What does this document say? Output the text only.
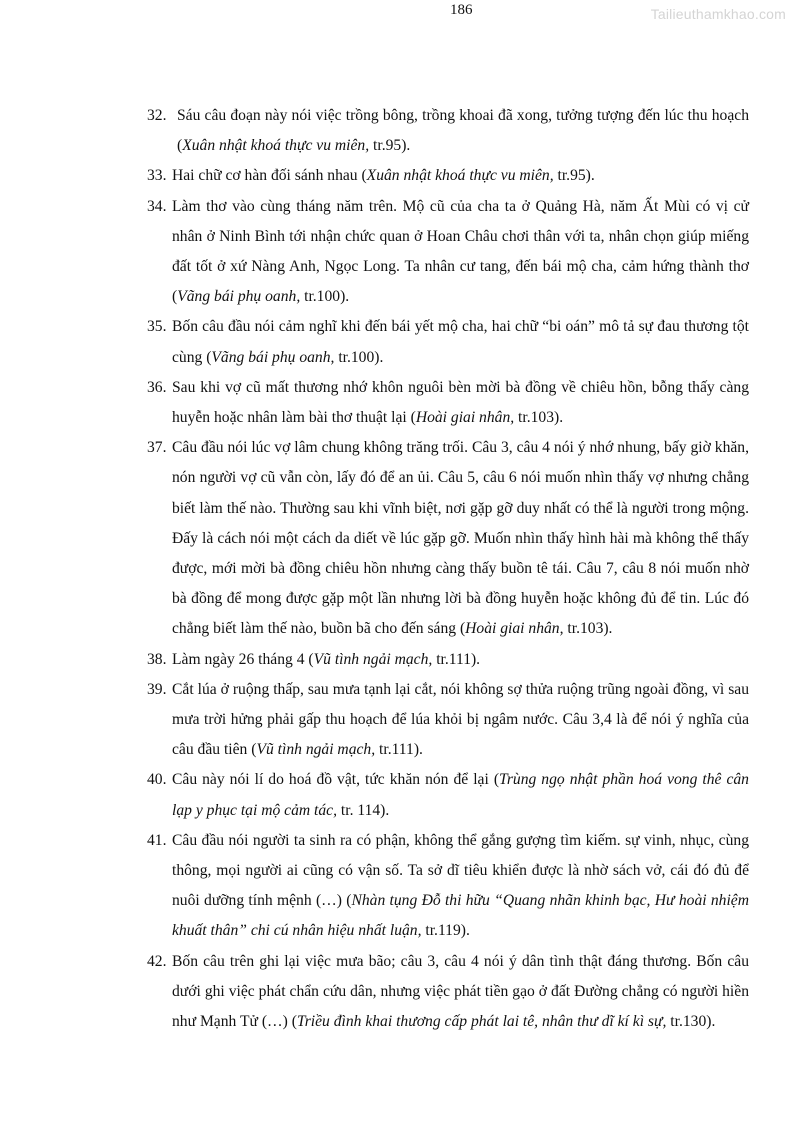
186	Tailieuthamkhao.com
32. Sáu câu đoạn này nói việc trồng bông, trồng khoai đã xong, tưởng tượng đến lúc thu hoạch (Xuân nhật khoá thực vu miên, tr.95).
33. Hai chữ cơ hàn đối sánh nhau (Xuân nhật khoá thực vu miên, tr.95).
34. Làm thơ vào cùng tháng năm trên. Mộ cũ của cha ta ở Quảng Hà, năm Ất Mùi có vị cử nhân ở Ninh Bình tới nhận chức quan ở Hoan Châu chơi thân với ta, nhân chọn giúp miếng đất tốt ở xứ Nàng Anh, Ngọc Long. Ta nhân cư tang, đến bái mộ cha, cảm hứng thành thơ (Vãng bái phụ oanh, tr.100).
35. Bốn câu đầu nói cảm nghĩ khi đến bái yết mộ cha, hai chữ “bi oán” mô tả sự đau thương tột cùng (Vãng bái phụ oanh, tr.100).
36. Sau khi vợ cũ mất thương nhớ khôn nguôi bèn mời bà đồng về chiêu hồn, bỗng thấy càng huyễn hoặc nhân làm bài thơ thuật lại (Hoài giai nhân, tr.103).
37. Câu đầu nói lúc vợ lâm chung không trăng trối. Câu 3, câu 4 nói ý nhớ nhung, bấy giờ khăn, nón người vợ cũ vẫn còn, lấy đó để an ủi. Câu 5, câu 6 nói muốn nhìn thấy vợ nhưng chẳng biết làm thế nào. Thường sau khi vĩnh biệt, nơi gặp gỡ duy nhất có thể là người trong mộng. Đấy là cách nói một cách da diết về lúc gặp gỡ. Muốn nhìn thấy hình hài mà không thể thấy được, mới mời bà đồng chiêu hồn nhưng càng thấy buồn tê tái. Câu 7, câu 8 nói muốn nhờ bà đồng để mong được gặp một lần nhưng lời bà đồng huyễn hoặc không đủ để tin. Lúc đó chẳng biết làm thế nào, buồn bã cho đến sáng (Hoài giai nhân, tr.103).
38. Làm ngày 26 tháng 4 (Vũ tình ngải mạch, tr.111).
39. Cắt lúa ở ruộng thấp, sau mưa tạnh lại cắt, nói không sợ thửa ruộng trũng ngoài đồng, vì sau mưa trời hửng phải gấp thu hoạch để lúa khỏi bị ngâm nước. Câu 3,4 là để nói ý nghĩa của câu đầu tiên (Vũ tình ngải mạch, tr.111).
40. Câu này nói lí do hoá đồ vật, tức khăn nón để lại (Trùng ngọ nhật phần hoá vong thê cân lạp y phục tại mộ cảm tác, tr. 114).
41. Câu đầu nói người ta sinh ra có phận, không thể gắng gượng tìm kiếm. sự vinh, nhục, cùng thông, mọi người ai cũng có vận số. Ta sở dĩ tiêu khiển được là nhờ sách vở, cái đó đủ để nuôi dưỡng tính mệnh (…) (Nhàn tụng Đỗ thi hữu “Quang nhãn khinh bạc, Hư hoài nhiệm khuất thân” chi cú nhân hiệu nhất luận, tr.119).
42. Bốn câu trên ghi lại việc mưa bão; câu 3, câu 4 nói ý dân tình thật đáng thương. Bốn câu dưới ghi việc phát chẩn cứu dân, nhưng việc phát tiền gạo ở đất Đường chẳng có người hiền như Mạnh Tử (…) (Triều đình khai thương cấp phát lai tê, nhân thư dĩ kí kì sự, tr.130).
